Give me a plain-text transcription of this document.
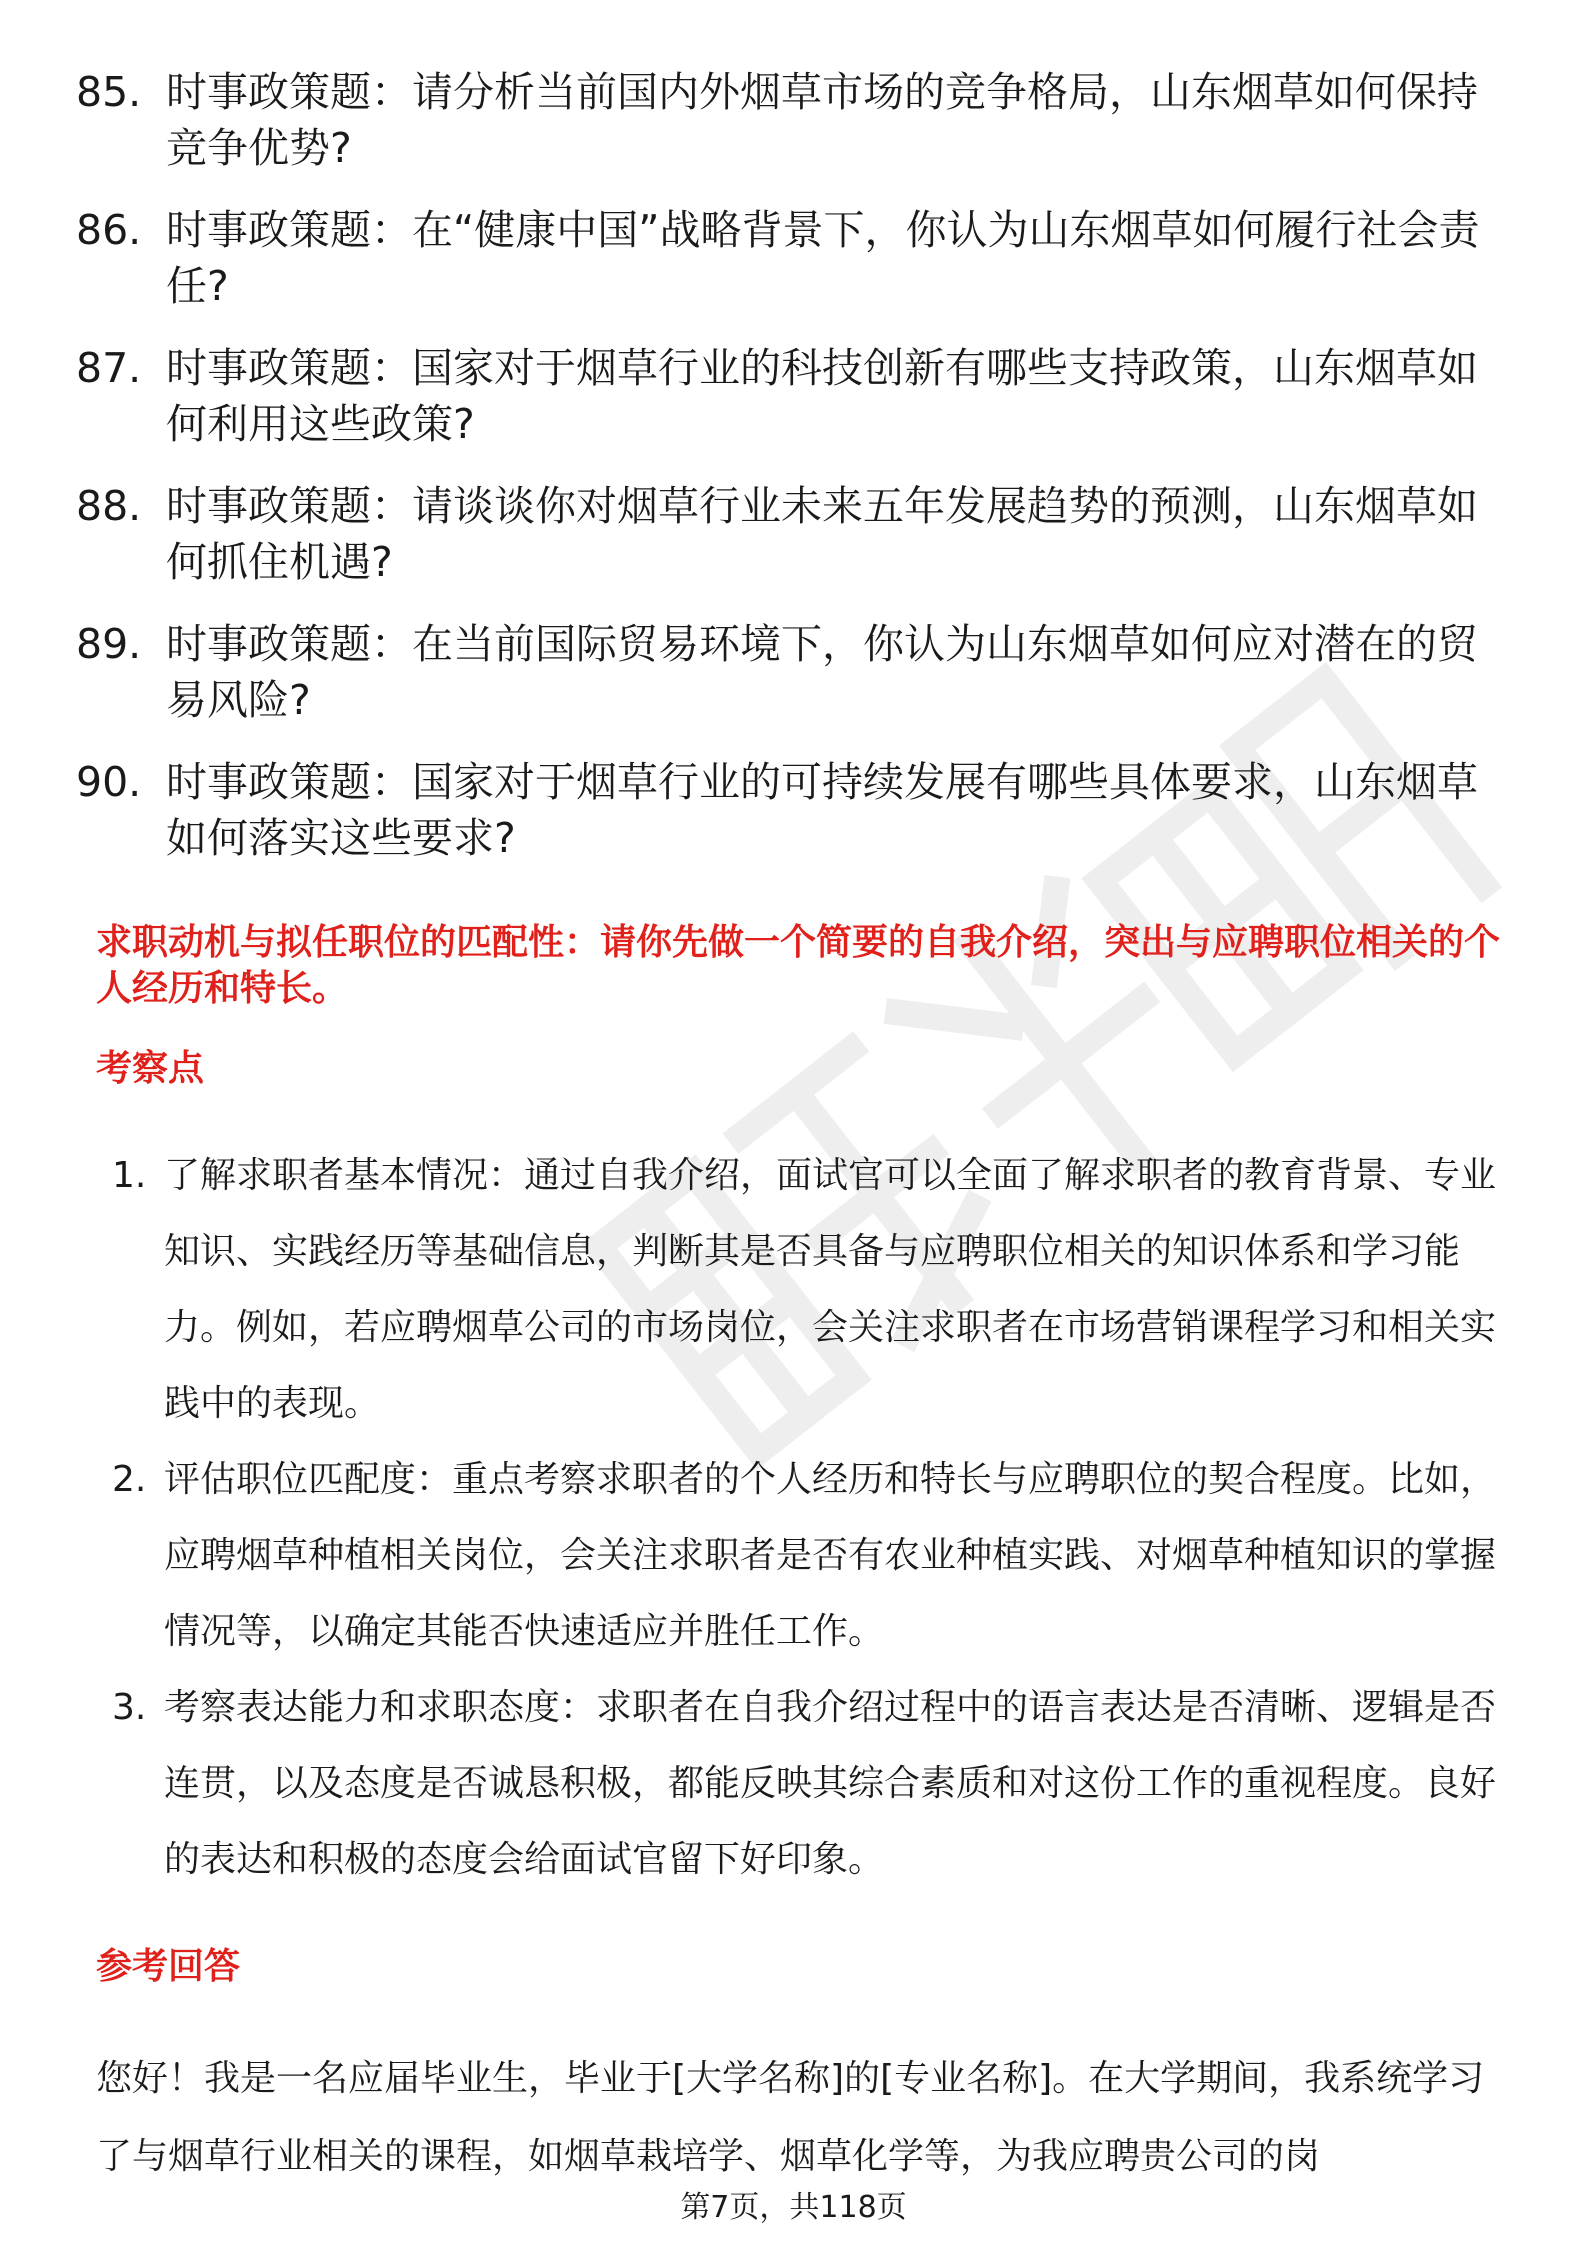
85. 时事政策题：请分析当前国内外烟草市场的竞争格局，山东烟草如何保持竞争优势?
86. 时事政策题：在“健康中国”战略背景下，你认为山东烟草如何履行社会责任?
87. 时事政策题：国家对于烟草行业的科技创新有哪些支持政策，山东烟草如何利用这些政策?
88. 时事政策题：请谈谈你对烟草行业未来五年发展趋势的预测，山东烟草如何抓住机遇?
89. 时事政策题：在当前国际贸易环境下，你认为山东烟草如何应对潜在的贸易风险?
90. 时事政策题：国家对于烟草行业的可持续发展有哪些具体要求，山东烟草如何落实这些要求?
求职动机与拟任职位的匹配性：请你先做一个简要的自我介绍，突出与应聘职位相关的个人经历和特长。
考察点
1. 了解求职者基本情况：通过自我介绍，面试官可以全面了解求职者的教育背景、专业知识、实践经历等基础信息，判断其是否具备与应聘职位相关的知识体系和学习能力。例如，若应聘烟草公司的市场岗位，会关注求职者在市场营销课程学习和相关实践中的表现。
2. 评估职位匹配度：重点考察求职者的个人经历和特长与应聘职位的契合程度。比如，应聘烟草种植相关岗位，会关注求职者是否有农业种植实践、对烟草种植知识的掌握情况等，以确定其能否快速适应并胜任工作。
3. 考察表达能力和求职态度：求职者在自我介绍过程中的语言表达是否清晰、逻辑是否连贯，以及态度是否诚恳积极，都能反映其综合素质和对这份工作的重视程度。良好的表达和积极的态度会给面试官留下好印象。
参考回答

您好！我是一名应届毕业生，毕业于[大学名称]的[专业名称]。在大学期间，我系统学习了与烟草行业相关的课程，如烟草栽培学、烟草化学等，为我应聘贵公司的岗

第7页，共118页
